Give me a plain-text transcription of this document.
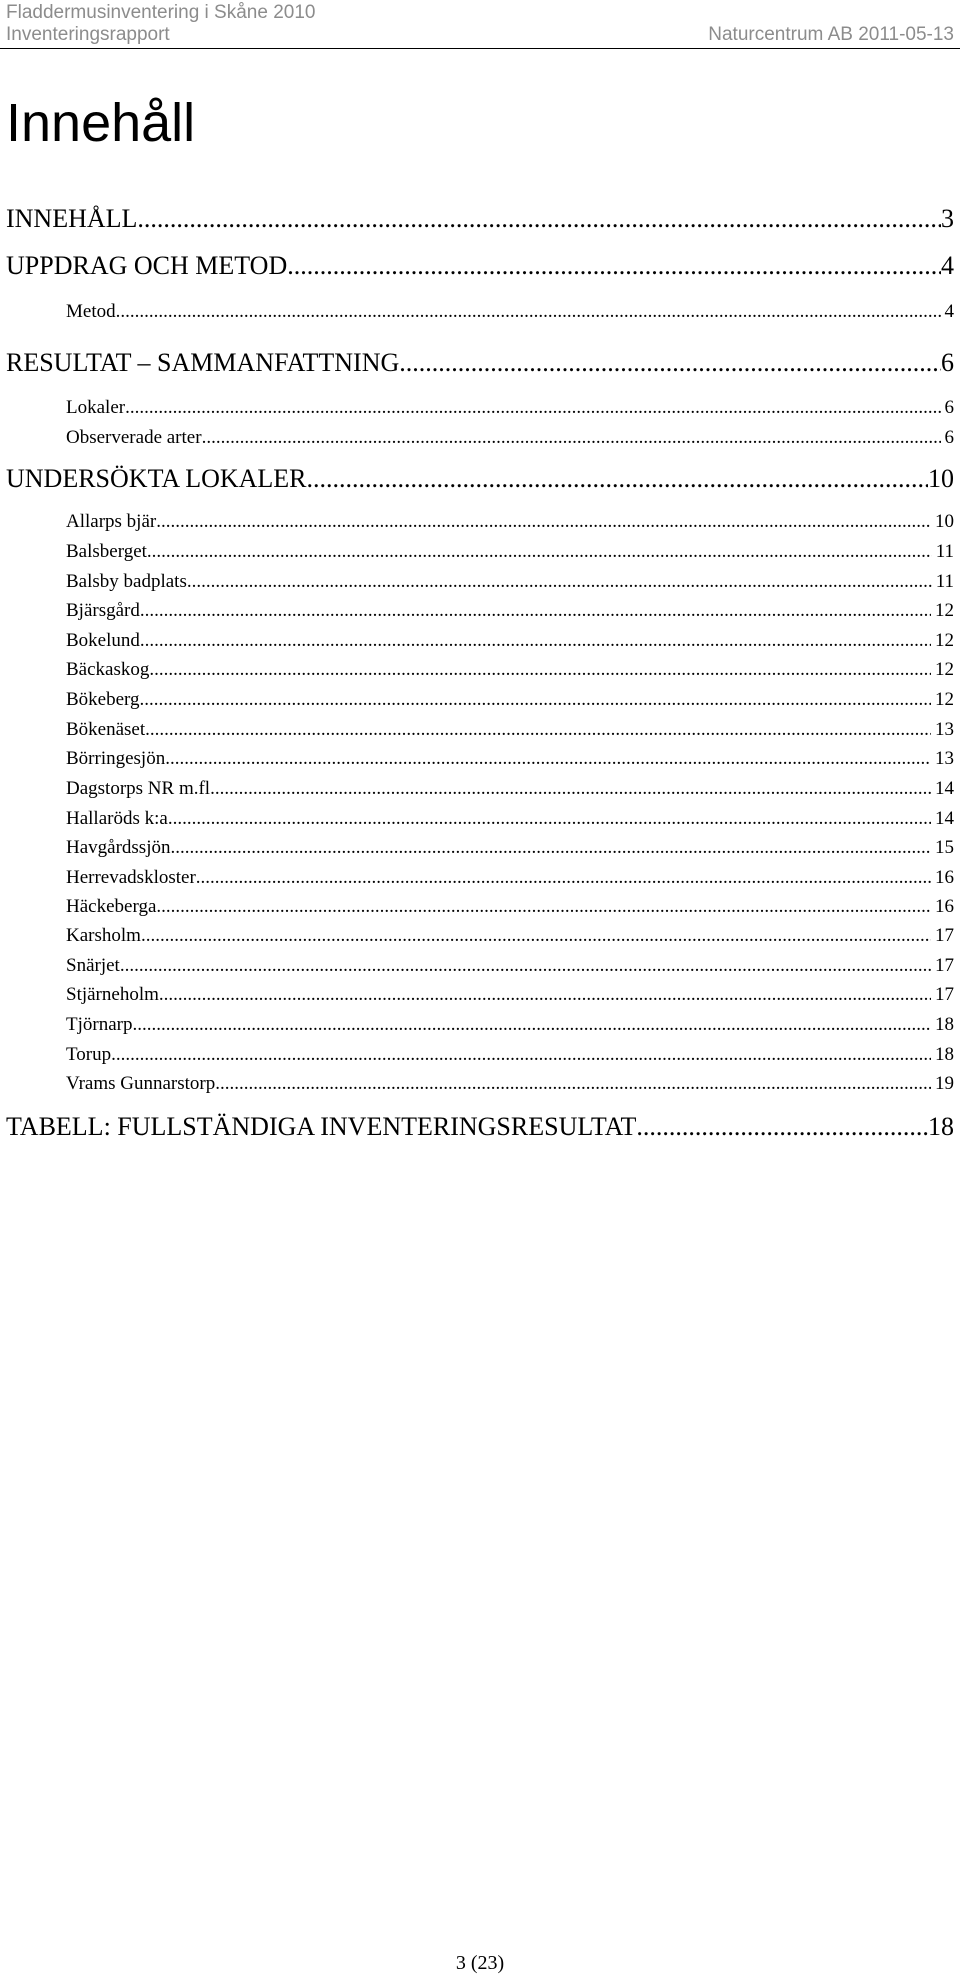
Fladdermusinventering i Skåne 2010
Inventeringsrapport	Naturcentrum AB 2011-05-13
Innehåll
INNEHÅLL .....	3
UPPDRAG OCH METOD .....	4
Metod .....	4
RESULTAT – SAMMANFATTNING .....	6
Lokaler .....	6
Observerade arter .....	6
UNDERSÖKTA LOKALER .....	10
Allarps bjär .....	10
Balsberget .....	11
Balsby badplats .....	11
Bjärsgård .....	12
Bokelund .....	12
Bäckaskog .....	12
Bökeberg .....	12
Bökenäset .....	13
Börringesjön .....	13
Dagstorps NR m.fl. .....	14
Hallaröds k:a .....	14
Havgårdssjön .....	15
Herrevadskloster .....	16
Häckeberga .....	16
Karsholm .....	17
Snärjet .....	17
Stjärneholm .....	17
Tjörnarp .....	18
Torup .....	18
Vrams Gunnarstorp .....	19
TABELL: FULLSTÄNDIGA INVENTERINGSRESULTAT .....	18
3 (23)
